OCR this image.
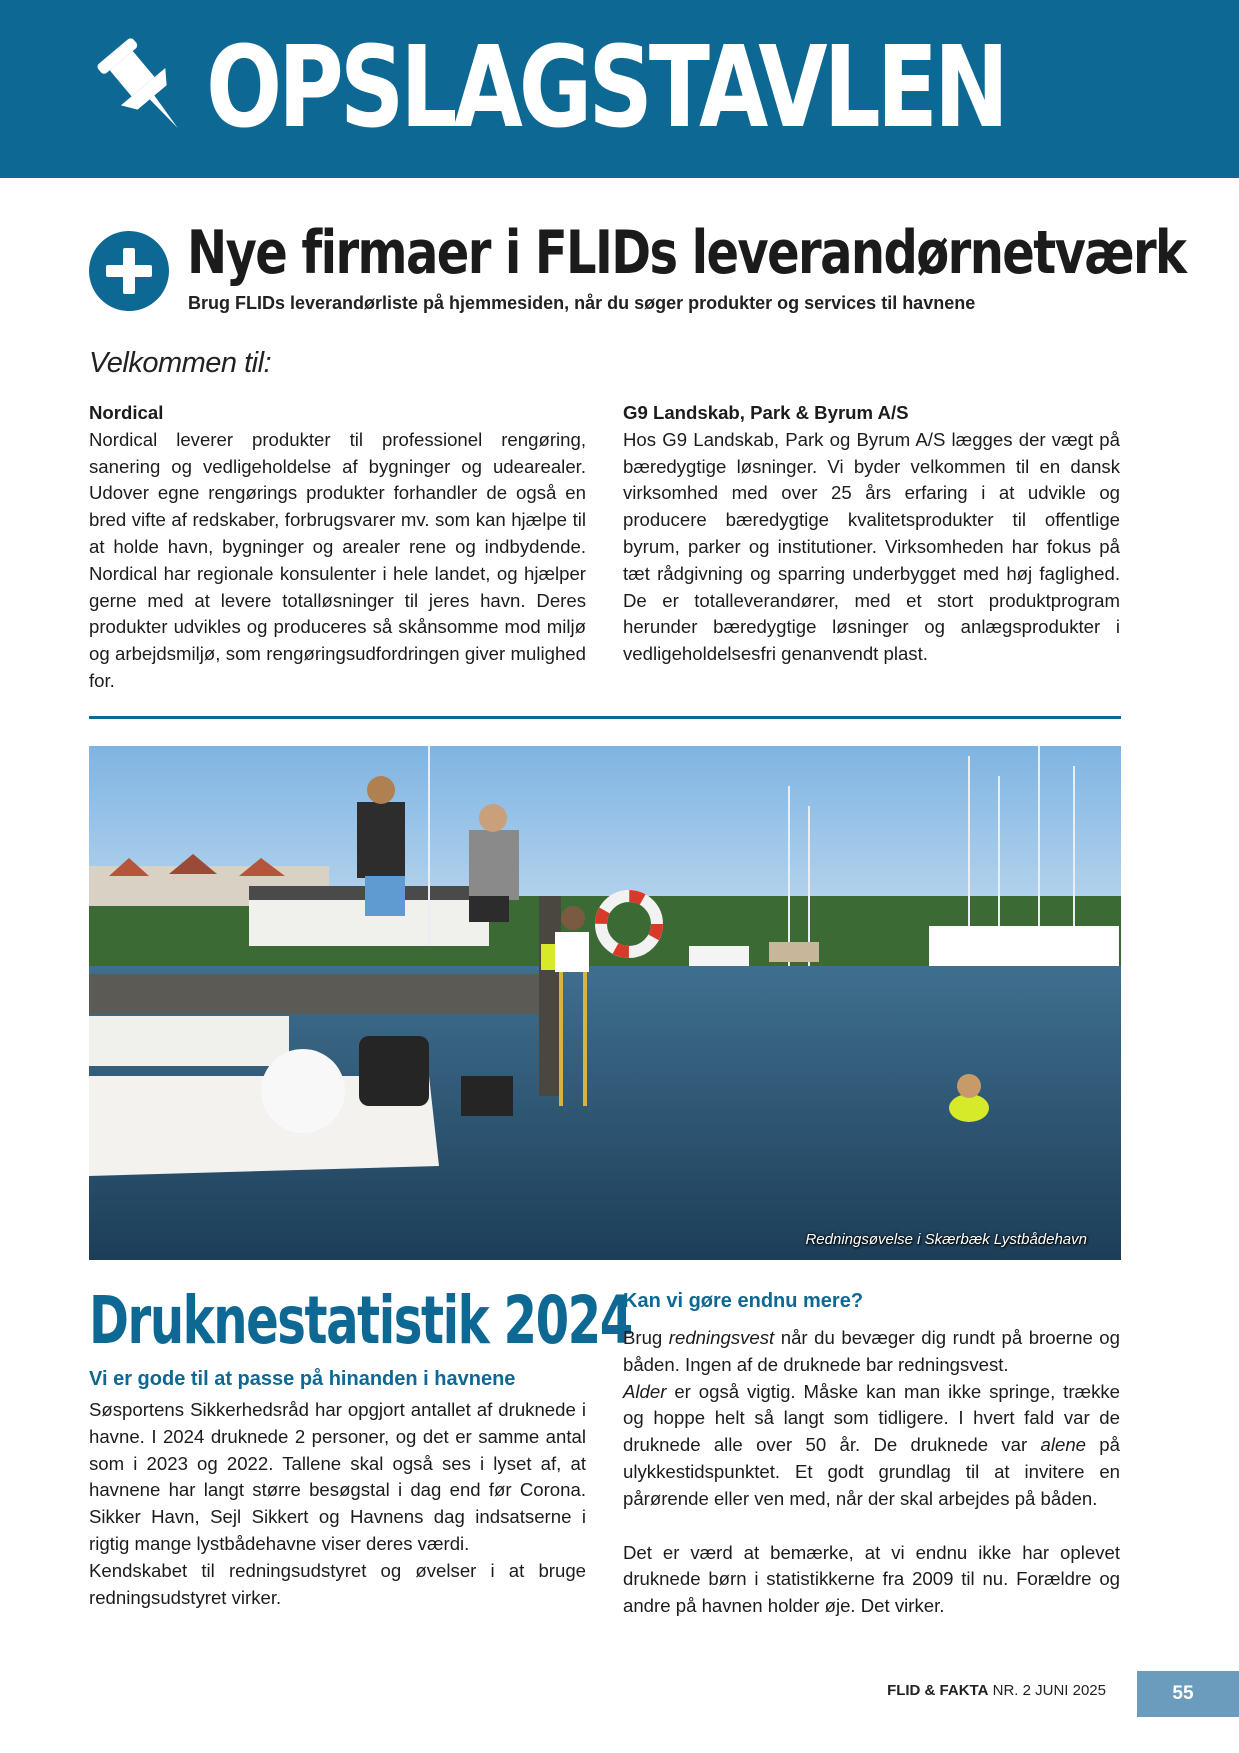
OPSLAGSTAVLEN
Nye firmaer i FLIDs leverandørnetværk

Brug FLIDs leverandørliste på hjemmesiden, når du søger produkter og services til havnene

Velkommen til:

Nordical

Nordical leverer produkter til professionel rengøring, sanering og vedligeholdelse af bygninger og udearealer. Udover egne rengørings produkter forhandler de også en bred vifte af redskaber, forbrugsvarer mv. som kan hjælpe til at holde havn, bygninger og arealer rene og indbydende. Nordical har regionale konsulenter i hele landet, og hjælper gerne med at levere totalløsninger til jeres havn. Deres produkter udvikles og produceres så skånsomme mod miljø og arbejdsmiljø, som rengøringsudfordringen giver mulighed for.

G9 Landskab, Park & Byrum A/S

Hos G9 Landskab, Park og Byrum A/S lægges der vægt på bæredygtige løsninger. Vi byder velkommen til en dansk virksomhed med over 25 års erfaring i at udvikle og producere bæredygtige kvalitetsprodukter til offentlige byrum, parker og institutioner. Virksomheden har fokus på tæt rådgivning og sparring underbygget med høj faglighed. De er totalleverandører, med et stort produktprogram herunder bæredygtige løsninger og anlægsprodukter i vedligeholdelsesfri genanvendt plast.

Redningsøvelse i Skærbæk Lystbådehavn

Druknestatistik 2024

Vi er gode til at passe på hinanden i havnene

Søsportens Sikkerhedsråd har opgjort antallet af druknede i havne. I 2024 druknede 2 personer, og det er samme antal som i 2023 og 2022. Tallene skal også ses i lyset af, at havnene har langt større besøgstal i dag end før Corona. Sikker Havn, Sejl Sikkert og Havnens dag indsatserne i rigtig mange lystbådehavne viser deres værdi.

Kendskabet til redningsudstyret og øvelser i at bruge redningsudstyret virker.

Kan vi gøre endnu mere?

Brug redningsvest når du bevæger dig rundt på broerne og båden. Ingen af de druknede bar redningsvest.

Alder er også vigtig. Måske kan man ikke springe, trække og hoppe helt så langt som tidligere. I hvert fald var de druknede alle over 50 år. De druknede var alene på ulykkestidspunktet. Et godt grundlag til at invitere en pårørende eller ven med, når der skal arbejdes på båden.

Det er værd at bemærke, at vi endnu ikke har oplevet druknede børn i statistikkerne fra 2009 til nu. Forældre og andre på havnen holder øje. Det virker.

FLID & FAKTA NR. 2 JUNI 2025	55
